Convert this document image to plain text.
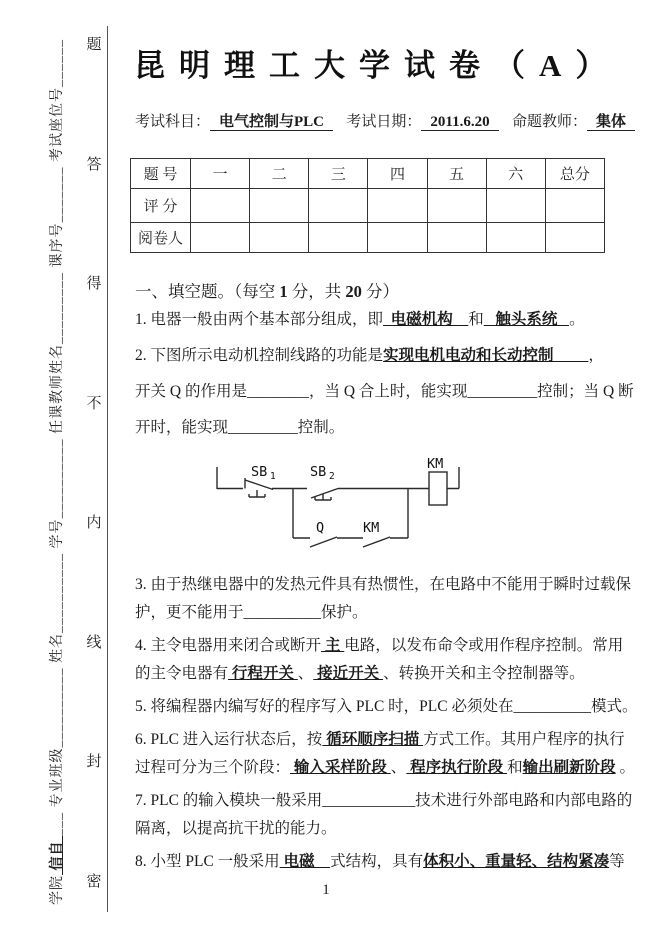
学院 信自 ___ 专业班级__________ 姓名__________ 学号__________ 任课教师姓名_________ 课序号_______ 考试座位号______ 题
答
得
不
内
线
封
密
昆明理工大学试卷（A）
考试科目： 电气控制与PLC	考试日期： 2011.6.20	命题教师： 集体
题 号	一	二	三	四	五	六	总分
评 分							
阅卷人							
一、填空题。（每空 1 分，共 20 分）
1. 电器一般由两个基本部分组成，即  电磁机构    和   触头系统   。
2. 下图所示电动机控制线路的功能是实现电机电动和长动控制         ，
开关 Q 的作用是________，当 Q 合上时，能实现_________控制；当 Q 断
开时，能实现_________控制。
SB 1	SB 2
Q	KM
KM
3. 由于热继电器中的发热元件具有热惯性，在电路中不能用于瞬时过载保
护，更不能用于__________保护。
4. 主令电器用来闭合或断开 主 电路，以发布命令或用作程序控制。常用
的主令电器有 行程开关 、 接近开关 、转换开关和主令控制器等。
5. 将编程器内编写好的程序写入 PLC 时，PLC 必须处在__________模式。
6. PLC 进入运行状态后，按 循环顺序扫描 方式工作。其用户程序的执行
过程可分为三个阶段： 输入采样阶段 、 程序执行阶段 和输出刷新阶段 。
7. PLC 的输入模块一般采用____________技术进行外部电路和内部电路的
隔离，以提高抗干扰的能力。
8. 小型 PLC 一般采用 电磁    式结构，具有体积小、重量轻、结构紧凑等
1
